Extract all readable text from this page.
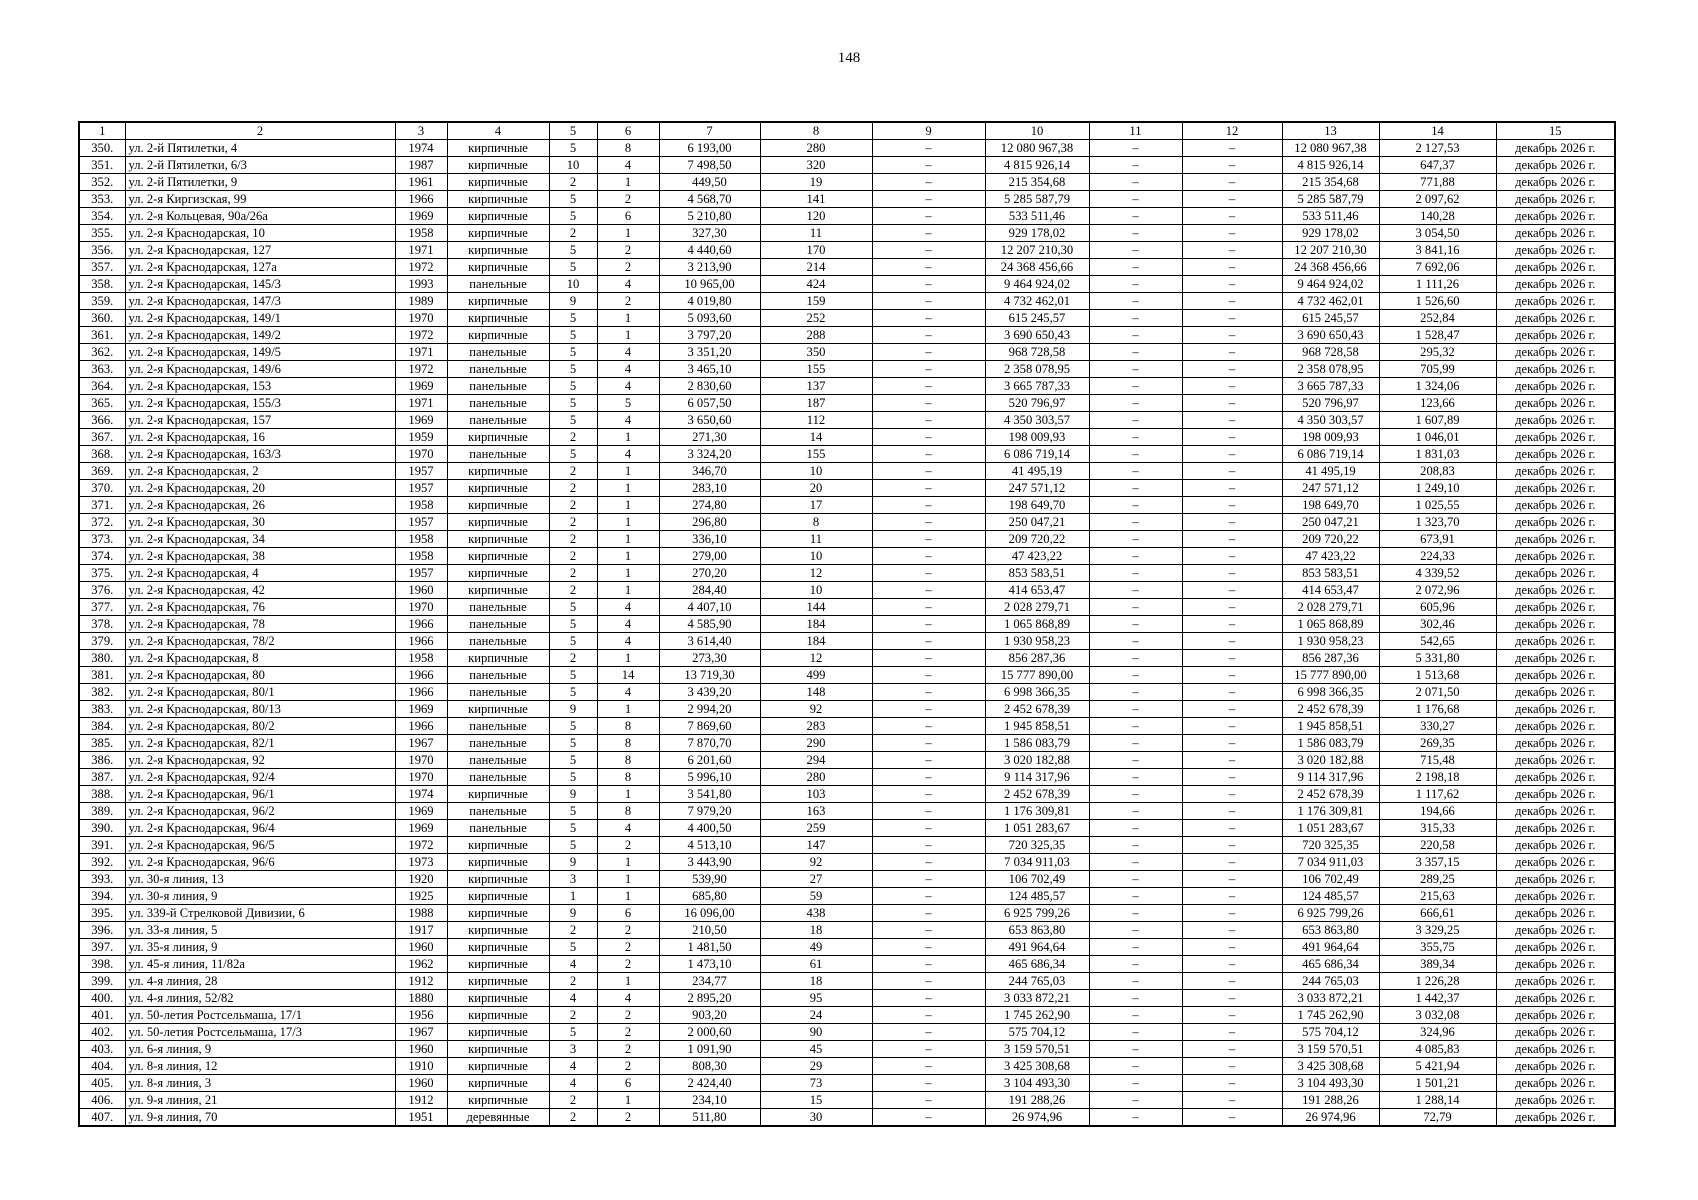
148
1	2	3	4	5	6	7	8	9	10	11	12	13	14	15
350.	ул. 2-й Пятилетки, 4	1974	кирпичные	5	8	6 193,00	280	–	12 080 967,38	–	–	12 080 967,38	2 127,53	декабрь 2026 г.
351.	ул. 2-й Пятилетки, 6/3	1987	кирпичные	10	4	7 498,50	320	–	4 815 926,14	–	–	4 815 926,14	647,37	декабрь 2026 г.
352.	ул. 2-й Пятилетки, 9	1961	кирпичные	2	1	449,50	19	–	215 354,68	–	–	215 354,68	771,88	декабрь 2026 г.
353.	ул. 2-я Киргизская, 99	1966	кирпичные	5	2	4 568,70	141	–	5 285 587,79	–	–	5 285 587,79	2 097,62	декабрь 2026 г.
354.	ул. 2-я Кольцевая, 90а/26а	1969	кирпичные	5	6	5 210,80	120	–	533 511,46	–	–	533 511,46	140,28	декабрь 2026 г.
355.	ул. 2-я Краснодарская, 10	1958	кирпичные	2	1	327,30	11	–	929 178,02	–	–	929 178,02	3 054,50	декабрь 2026 г.
356.	ул. 2-я Краснодарская, 127	1971	кирпичные	5	2	4 440,60	170	–	12 207 210,30	–	–	12 207 210,30	3 841,16	декабрь 2026 г.
357.	ул. 2-я Краснодарская, 127а	1972	кирпичные	5	2	3 213,90	214	–	24 368 456,66	–	–	24 368 456,66	7 692,06	декабрь 2026 г.
358.	ул. 2-я Краснодарская, 145/3	1993	панельные	10	4	10 965,00	424	–	9 464 924,02	–	–	9 464 924,02	1 111,26	декабрь 2026 г.
359.	ул. 2-я Краснодарская, 147/3	1989	кирпичные	9	2	4 019,80	159	–	4 732 462,01	–	–	4 732 462,01	1 526,60	декабрь 2026 г.
360.	ул. 2-я Краснодарская, 149/1	1970	кирпичные	5	1	5 093,60	252	–	615 245,57	–	–	615 245,57	252,84	декабрь 2026 г.
361.	ул. 2-я Краснодарская, 149/2	1972	кирпичные	5	1	3 797,20	288	–	3 690 650,43	–	–	3 690 650,43	1 528,47	декабрь 2026 г.
362.	ул. 2-я Краснодарская, 149/5	1971	панельные	5	4	3 351,20	350	–	968 728,58	–	–	968 728,58	295,32	декабрь 2026 г.
363.	ул. 2-я Краснодарская, 149/6	1972	панельные	5	4	3 465,10	155	–	2 358 078,95	–	–	2 358 078,95	705,99	декабрь 2026 г.
364.	ул. 2-я Краснодарская, 153	1969	панельные	5	4	2 830,60	137	–	3 665 787,33	–	–	3 665 787,33	1 324,06	декабрь 2026 г.
365.	ул. 2-я Краснодарская, 155/3	1971	панельные	5	5	6 057,50	187	–	520 796,97	–	–	520 796,97	123,66	декабрь 2026 г.
366.	ул. 2-я Краснодарская, 157	1969	панельные	5	4	3 650,60	112	–	4 350 303,57	–	–	4 350 303,57	1 607,89	декабрь 2026 г.
367.	ул. 2-я Краснодарская, 16	1959	кирпичные	2	1	271,30	14	–	198 009,93	–	–	198 009,93	1 046,01	декабрь 2026 г.
368.	ул. 2-я Краснодарская, 163/3	1970	панельные	5	4	3 324,20	155	–	6 086 719,14	–	–	6 086 719,14	1 831,03	декабрь 2026 г.
369.	ул. 2-я Краснодарская, 2	1957	кирпичные	2	1	346,70	10	–	41 495,19	–	–	41 495,19	208,83	декабрь 2026 г.
370.	ул. 2-я Краснодарская, 20	1957	кирпичные	2	1	283,10	20	–	247 571,12	–	–	247 571,12	1 249,10	декабрь 2026 г.
371.	ул. 2-я Краснодарская, 26	1958	кирпичные	2	1	274,80	17	–	198 649,70	–	–	198 649,70	1 025,55	декабрь 2026 г.
372.	ул. 2-я Краснодарская, 30	1957	кирпичные	2	1	296,80	8	–	250 047,21	–	–	250 047,21	1 323,70	декабрь 2026 г.
373.	ул. 2-я Краснодарская, 34	1958	кирпичные	2	1	336,10	11	–	209 720,22	–	–	209 720,22	673,91	декабрь 2026 г.
374.	ул. 2-я Краснодарская, 38	1958	кирпичные	2	1	279,00	10	–	47 423,22	–	–	47 423,22	224,33	декабрь 2026 г.
375.	ул. 2-я Краснодарская, 4	1957	кирпичные	2	1	270,20	12	–	853 583,51	–	–	853 583,51	4 339,52	декабрь 2026 г.
376.	ул. 2-я Краснодарская, 42	1960	кирпичные	2	1	284,40	10	–	414 653,47	–	–	414 653,47	2 072,96	декабрь 2026 г.
377.	ул. 2-я Краснодарская, 76	1970	панельные	5	4	4 407,10	144	–	2 028 279,71	–	–	2 028 279,71	605,96	декабрь 2026 г.
378.	ул. 2-я Краснодарская, 78	1966	панельные	5	4	4 585,90	184	–	1 065 868,89	–	–	1 065 868,89	302,46	декабрь 2026 г.
379.	ул. 2-я Краснодарская, 78/2	1966	панельные	5	4	3 614,40	184	–	1 930 958,23	–	–	1 930 958,23	542,65	декабрь 2026 г.
380.	ул. 2-я Краснодарская, 8	1958	кирпичные	2	1	273,30	12	–	856 287,36	–	–	856 287,36	5 331,80	декабрь 2026 г.
381.	ул. 2-я Краснодарская, 80	1966	панельные	5	14	13 719,30	499	–	15 777 890,00	–	–	15 777 890,00	1 513,68	декабрь 2026 г.
382.	ул. 2-я Краснодарская, 80/1	1966	панельные	5	4	3 439,20	148	–	6 998 366,35	–	–	6 998 366,35	2 071,50	декабрь 2026 г.
383.	ул. 2-я Краснодарская, 80/13	1969	кирпичные	9	1	2 994,20	92	–	2 452 678,39	–	–	2 452 678,39	1 176,68	декабрь 2026 г.
384.	ул. 2-я Краснодарская, 80/2	1966	панельные	5	8	7 869,60	283	–	1 945 858,51	–	–	1 945 858,51	330,27	декабрь 2026 г.
385.	ул. 2-я Краснодарская, 82/1	1967	панельные	5	8	7 870,70	290	–	1 586 083,79	–	–	1 586 083,79	269,35	декабрь 2026 г.
386.	ул. 2-я Краснодарская, 92	1970	панельные	5	8	6 201,60	294	–	3 020 182,88	–	–	3 020 182,88	715,48	декабрь 2026 г.
387.	ул. 2-я Краснодарская, 92/4	1970	панельные	5	8	5 996,10	280	–	9 114 317,96	–	–	9 114 317,96	2 198,18	декабрь 2026 г.
388.	ул. 2-я Краснодарская, 96/1	1974	кирпичные	9	1	3 541,80	103	–	2 452 678,39	–	–	2 452 678,39	1 117,62	декабрь 2026 г.
389.	ул. 2-я Краснодарская, 96/2	1969	панельные	5	8	7 979,20	163	–	1 176 309,81	–	–	1 176 309,81	194,66	декабрь 2026 г.
390.	ул. 2-я Краснодарская, 96/4	1969	панельные	5	4	4 400,50	259	–	1 051 283,67	–	–	1 051 283,67	315,33	декабрь 2026 г.
391.	ул. 2-я Краснодарская, 96/5	1972	кирпичные	5	2	4 513,10	147	–	720 325,35	–	–	720 325,35	220,58	декабрь 2026 г.
392.	ул. 2-я Краснодарская, 96/6	1973	кирпичные	9	1	3 443,90	92	–	7 034 911,03	–	–	7 034 911,03	3 357,15	декабрь 2026 г.
393.	ул. 30-я линия, 13	1920	кирпичные	3	1	539,90	27	–	106 702,49	–	–	106 702,49	289,25	декабрь 2026 г.
394.	ул. 30-я линия, 9	1925	кирпичные	1	1	685,80	59	–	124 485,57	–	–	124 485,57	215,63	декабрь 2026 г.
395.	ул. 339-й Стрелковой Дивизии, 6	1988	кирпичные	9	6	16 096,00	438	–	6 925 799,26	–	–	6 925 799,26	666,61	декабрь 2026 г.
396.	ул. 33-я линия, 5	1917	кирпичные	2	2	210,50	18	–	653 863,80	–	–	653 863,80	3 329,25	декабрь 2026 г.
397.	ул. 35-я линия, 9	1960	кирпичные	5	2	1 481,50	49	–	491 964,64	–	–	491 964,64	355,75	декабрь 2026 г.
398.	ул. 45-я линия, 11/82а	1962	кирпичные	4	2	1 473,10	61	–	465 686,34	–	–	465 686,34	389,34	декабрь 2026 г.
399.	ул. 4-я линия, 28	1912	кирпичные	2	1	234,77	18	–	244 765,03	–	–	244 765,03	1 226,28	декабрь 2026 г.
400.	ул. 4-я линия, 52/82	1880	кирпичные	4	4	2 895,20	95	–	3 033 872,21	–	–	3 033 872,21	1 442,37	декабрь 2026 г.
401.	ул. 50-летия Ростсельмаша, 17/1	1956	кирпичные	2	2	903,20	24	–	1 745 262,90	–	–	1 745 262,90	3 032,08	декабрь 2026 г.
402.	ул. 50-летия Ростсельмаша, 17/3	1967	кирпичные	5	2	2 000,60	90	–	575 704,12	–	–	575 704,12	324,96	декабрь 2026 г.
403.	ул. 6-я линия, 9	1960	кирпичные	3	2	1 091,90	45	–	3 159 570,51	–	–	3 159 570,51	4 085,83	декабрь 2026 г.
404.	ул. 8-я линия, 12	1910	кирпичные	4	2	808,30	29	–	3 425 308,68	–	–	3 425 308,68	5 421,94	декабрь 2026 г.
405.	ул. 8-я линия, 3	1960	кирпичные	4	6	2 424,40	73	–	3 104 493,30	–	–	3 104 493,30	1 501,21	декабрь 2026 г.
406.	ул. 9-я линия, 21	1912	кирпичные	2	1	234,10	15	–	191 288,26	–	–	191 288,26	1 288,14	декабрь 2026 г.
407.	ул. 9-я линия, 70	1951	деревянные	2	2	511,80	30	–	26 974,96	–	–	26 974,96	72,79	декабрь 2026 г.
